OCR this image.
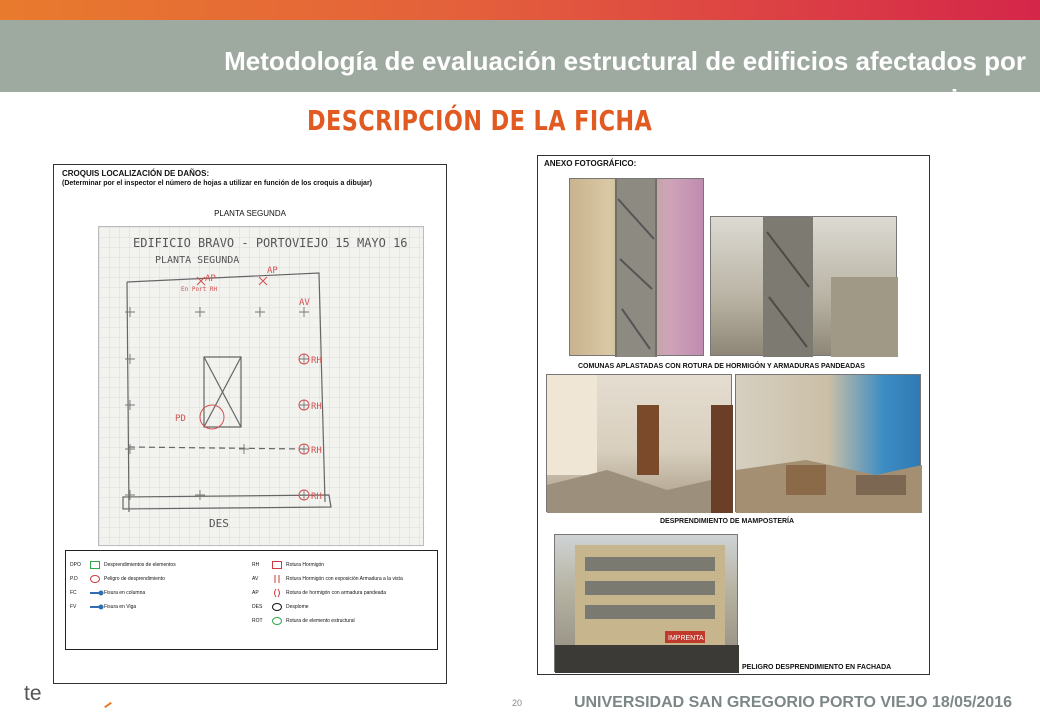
Metodología de evaluación estructural de edificios afectados por sismos
DESCRIPCIÓN DE LA FICHA
CROQUIS LOCALIZACIÓN DE DAÑOS:
(Determinar por el inspector el número de hojas a utilizar en función de los croquis a dibujar)
PLANTA SEGUNDA
EDIFICIO BRAVO - PORTOVIEJO 15 MAYO 16
PLANTA SEGUNDA
DES
AP
AP
En Port RH
AV
RH
RH
RH
RH
PD
DPO	Desprendimientos de elementos
P.D	Peligro de desprendimiento
FC	Fisura en columna
FV	Fisura en Viga
RH	Rotura Hormigón
AV	Rotura Hormigón con exposición Armadura a la vista
AP	Rotura de hormigón con armadura pandeada
DES	Desplome
ROT	Rotura de elemento estructural
ANEXO FOTOGRÁFICO:
COMUNAS APLASTADAS CON ROTURA DE HORMIGÓN Y ARMADURAS PANDEADAS
DESPRENDIMIENTO DE MAMPOSTERÍA
IMPRENTA
PELIGRO DESPRENDIMIENTO EN FACHADA
te	20	UNIVERSIDAD SAN GREGORIO PORTO VIEJO 18/05/2016
